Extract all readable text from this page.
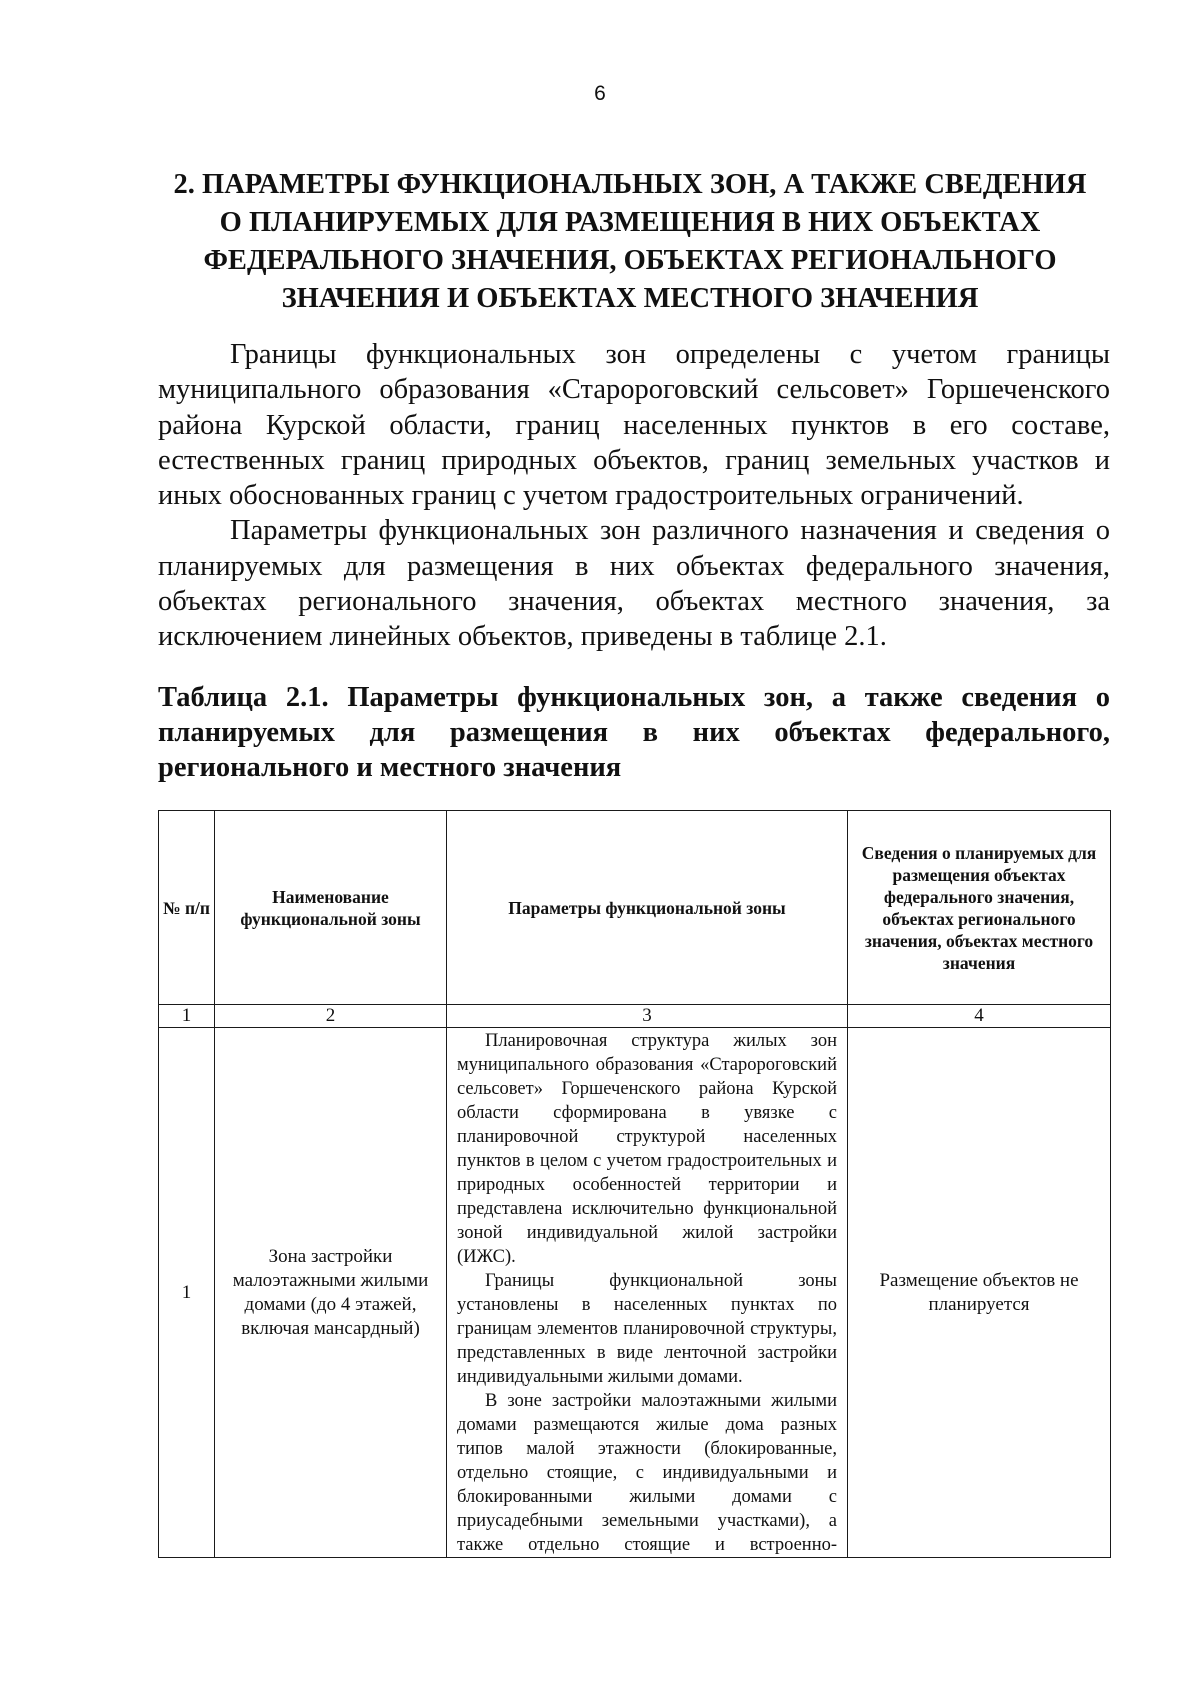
6
2. ПАРАМЕТРЫ ФУНКЦИОНАЛЬНЫХ ЗОН, А ТАКЖЕ СВЕДЕНИЯ
О ПЛАНИРУЕМЫХ ДЛЯ РАЗМЕЩЕНИЯ В НИХ ОБЪЕКТАХ
ФЕДЕРАЛЬНОГО ЗНАЧЕНИЯ, ОБЪЕКТАХ РЕГИОНАЛЬНОГО
ЗНАЧЕНИЯ И ОБЪЕКТАХ МЕСТНОГО ЗНАЧЕНИЯ

Границы функциональных зон определены с учетом границы муниципального образования «Старороговский сельсовет» Горшеченского района Курской области, границ населенных пунктов в его составе, естественных границ природных объектов, границ земельных участков и иных обоснованных границ с учетом градостроительных ограничений.

Параметры функциональных зон различного назначения и сведения о планируемых для размещения в них объектах федерального значения, объектах регионального значения, объектах местного значения, за исключением линейных объектов, приведены в таблице 2.1.

Таблица 2.1. Параметры функциональных зон, а также сведения о планируемых для размещения в них объектах федерального, регионального и местного значения
№ п/п	Наименование функциональной зоны	Параметры функциональной зоны	Сведения о планируемых для размещения объектах федерального значения, объектах регионального значения, объектах местного значения
1	2	3	4
1	Зона застройки малоэтажными жилыми домами (до 4 этажей, включая мансардный)	Планировочная структура жилых зон муниципального образования «Старороговский сельсовет» Горшеченского района Курской области сформирована в увязке с планировочной структурой населенных пунктов в целом с учетом градостроительных и природных особенностей территории и представлена исключительно функциональной зоной индивидуальной жилой застройки (ИЖС).

Границы функциональной зоны установлены в населенных пунктах по границам элементов планировочной структуры, представленных в виде ленточной застройки индивидуальными жилыми домами.

В зоне застройки малоэтажными жилыми домами размещаются жилые дома разных типов малой этажности (блокированные, отдельно стоящие, с индивидуальными и блокированными жилыми домами с приусадебными земельными участками), а также отдельно стоящие и встроенно-	Размещение объектов не планируется
